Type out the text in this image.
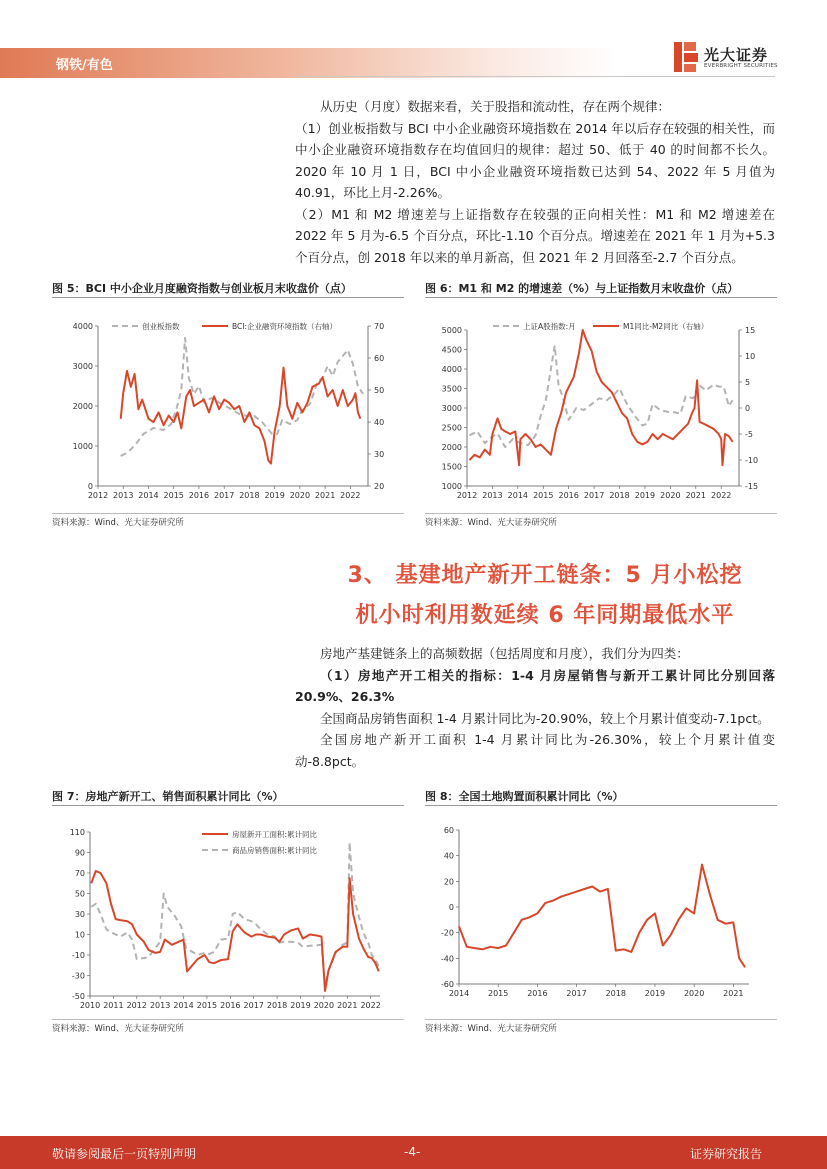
钢铁/有色
光大证券
EVERBRIGHT SECURITIES

从历史（月度）数据来看，关于股指和流动性，存在两个规律：

（1）创业板指数与 BCI 中小企业融资环境指数在 2014 年以后存在较强的相关性，而中小企业融资环境指数存在均值回归的规律：超过 50、低于 40 的时间都不长久。2020 年 10 月 1 日，BCI 中小企业融资环境指数已达到 54、2022 年 5 月值为 40.91，环比上月-2.26%。

（2）M1 和 M2 增速差与上证指数存在较强的正向相关性：M1 和 M2 增速差在 2022 年 5 月为-6.5 个百分点，环比-1.10 个百分点。增速差在 2021 年 1 月为+5.3 个百分点，创 2018 年以来的单月新高，但 2021 年 2 月回落至-2.7 个百分点。

图 5：BCI 中小企业月度融资指数与创业板月末收盘价（点）
0
1000
2000
3000
4000
20
30
40
50
60
70
2012 2013 2014 2015 2016 2017 2018 2019 2020 2021 2022
创业板指数	BCI:企业融资环境指数（右轴）
资料来源：Wind、光大证券研究所
图 6：M1 和 M2 的增速差（%）与上证指数月末收盘价（点）
1000
1500
2000
2500
3000
3500
4000
4500
5000
-15
-10
-5
0
5
10
15
2012 2013 2014 2015 2016 2017 2018 2019 2020 2021 2022
上证A股指数:月	M1同比-M2同比（右轴）
资料来源：Wind、光大证券研究所
3、 基建地产新开工链条：5 月小松挖
机小时利用数延续 6 年同期最低水平

房地产基建链条上的高频数据（包括周度和月度），我们分为四类：

（1）房地产开工相关的指标：1-4 月房屋销售与新开工累计同比分别回落 20.9%、26.3%

全国商品房销售面积 1-4 月累计同比为-20.90%，较上个月累计值变动-7.1pct。

全国房地产新开工面积 1-4 月累计同比为-26.30%，较上个月累计值变动-8.8pct。

图 7：房地产新开工、销售面积累计同比（%）
-50
-30
-10
10
30
50
70
90
110
2010 2011 2012 2013 2014 2015 2016 2017 2018 2019 2020 2021 2022
房屋新开工面积:累计同比
商品房销售面积:累计同比
资料来源：Wind、光大证券研究所
图 8：全国土地购置面积累计同比（%）
-60
-40
-20
0
20
40
60
2014 2015 2016 2017 2018 2019 2020 2021
资料来源：Wind、光大证券研究所
敬请参阅最后一页特别声明	-4-	证券研究报告
